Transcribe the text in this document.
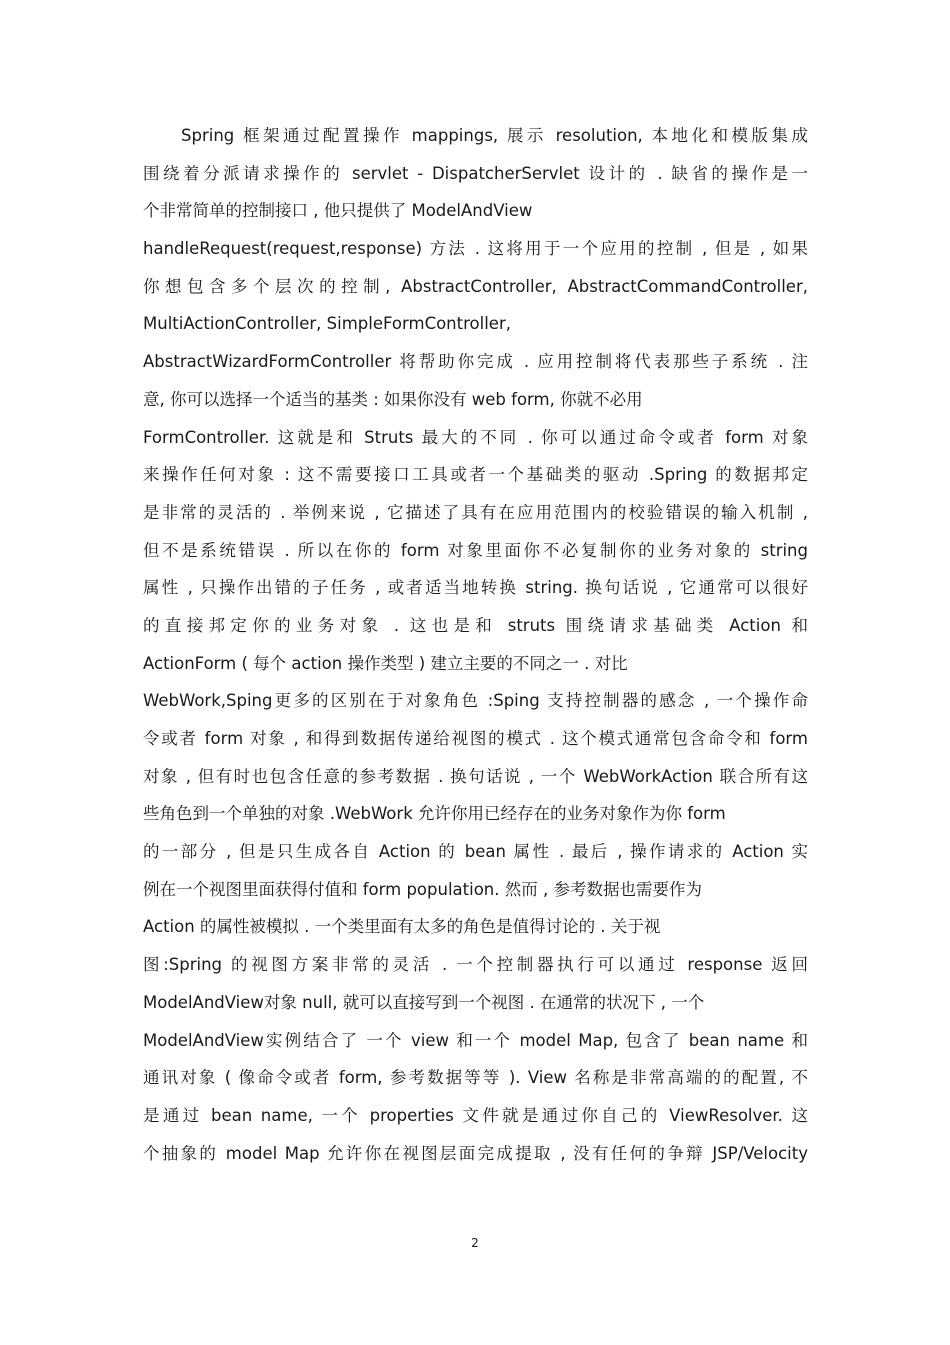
Spring 框架通过配置操作 mappings, 展示 resolution, 本地化和模版集成
围绕着分派请求操作的 servlet - DispatcherServlet 设计的 . 缺省的操作是一
个非常简单的控制接口 , 他只提供了 ModelAndView
handleRequest(request,response) 方法 . 这将用于一个应用的控制 , 但是 , 如果
你想包含多个层次的控制, AbstractController, AbstractCommandController,
MultiActionController, SimpleFormController,
AbstractWizardFormController 将帮助你完成 . 应用控制将代表那些子系统 . 注
意, 你可以选择一个适当的基类 : 如果你没有 web form, 你就不必用
FormController. 这就是和 Struts 最大的不同 . 你可以通过命令或者 form 对象
来操作任何对象 : 这不需要接口工具或者一个基础类的驱动 .Spring 的数据邦定
是非常的灵活的 . 举例来说 , 它描述了具有在应用范围内的校验错误的输入机制 ,
但不是系统错误 . 所以在你的 form 对象里面你不必复制你的业务对象的 string
属性 , 只操作出错的子任务 , 或者适当地转换 string. 换句话说 , 它通常可以很好
的直接邦定你的业务对象 . 这也是和 struts 围绕请求基础类 Action 和
ActionForm ( 每个 action 操作类型 ) 建立主要的不同之一 . 对比
WebWork,Sping更多的区别在于对象角色 :Sping 支持控制器的感念 , 一个操作命
令或者 form 对象 , 和得到数据传递给视图的模式 . 这个模式通常包含命令和 form
对象 , 但有时也包含任意的参考数据 . 换句话说 , 一个 WebWorkAction 联合所有这
些角色到一个单独的对象 .WebWork 允许你用已经存在的业务对象作为你 form
的一部分 , 但是只生成各自 Action 的 bean 属性 . 最后 , 操作请求的 Action 实
例在一个视图里面获得付值和 form population. 然而 , 参考数据也需要作为
Action 的属性被模拟 . 一个类里面有太多的角色是值得讨论的 . 关于视
图:Spring 的视图方案非常的灵活 . 一个控制器执行可以通过 response 返回
ModelAndView对象 null, 就可以直接写到一个视图 . 在通常的状况下 , 一个
ModelAndView实例结合了 一个 view 和一个 model Map, 包含了 bean name 和
通讯对象 ( 像命令或者 form, 参考数据等等 ). View 名称是非常高端的的配置, 不
是通过 bean name, 一个 properties 文件就是通过你自己的 ViewResolver. 这
个抽象的 model Map 允许你在视图层面完成提取 , 没有任何的争辩 JSP/Velocity
2
